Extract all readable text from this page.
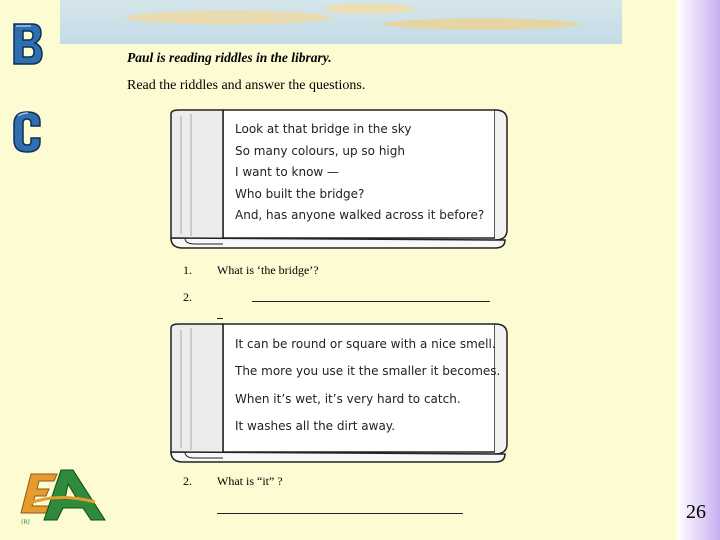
Paul is reading riddles in the library.
Read the riddles and answer the questions.
Look at that bridge in the sky
So many colours, up so high
I want to know —
Who built the bridge?
And, has anyone walked across it before?
1. What is ‘the bridge’?
2.
It can be round or square with a nice smell.
The more you use it the smaller it becomes.
When it’s wet, it’s very hard to catch.
It washes all the dirt away.
2. What is “it” ?
(R)	26
